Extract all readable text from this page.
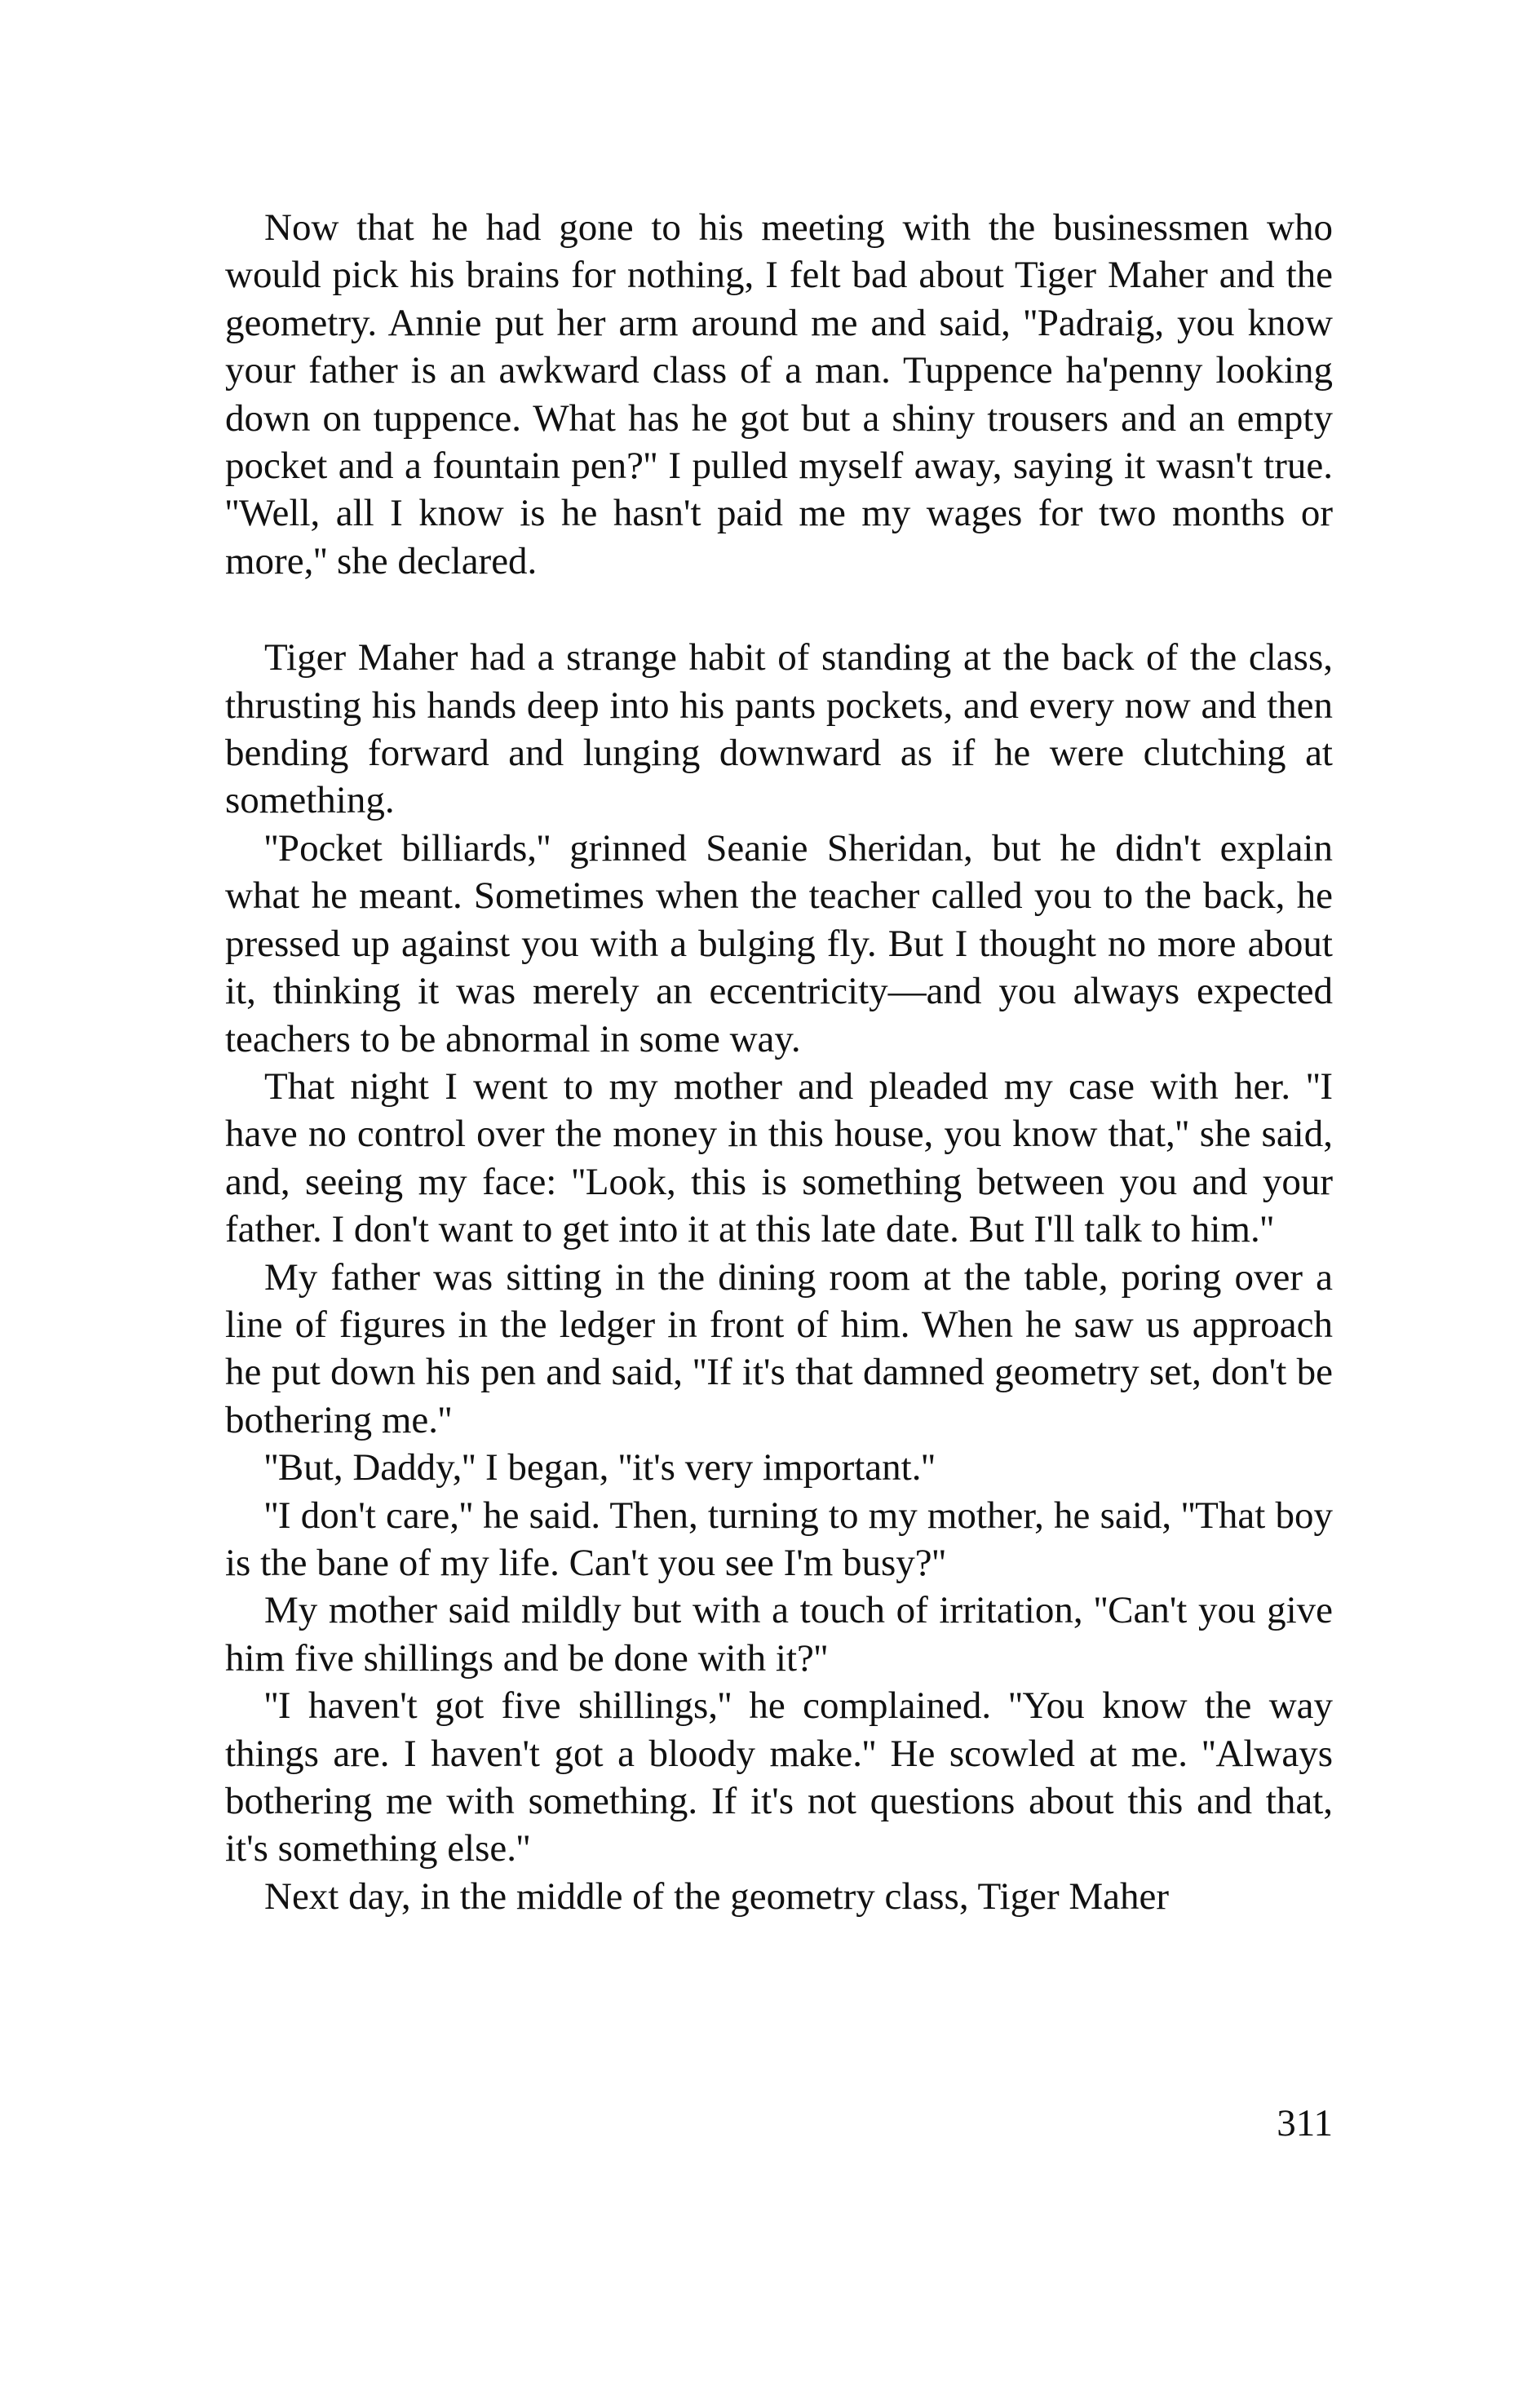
Now that he had gone to his meeting with the businessmen who would pick his brains for nothing, I felt bad about Tiger Maher and the geometry. Annie put her arm around me and said, ''Padraig, you know your father is an awkward class of a man. Tuppence ha'penny looking down on tuppence. What has he got but a shiny trousers and an empty pocket and a fountain pen?'' I pulled myself away, saying it wasn't true. ''Well, all I know is he hasn't paid me my wages for two months or more,'' she declared.

Tiger Maher had a strange habit of standing at the back of the class, thrusting his hands deep into his pants pockets, and every now and then bending forward and lunging downward as if he were clutching at something.

''Pocket billiards,'' grinned Seanie Sheridan, but he didn't explain what he meant. Sometimes when the teacher called you to the back, he pressed up against you with a bulging fly. But I thought no more about it, thinking it was merely an eccentricity—and you always expected teachers to be abnormal in some way.

That night I went to my mother and pleaded my case with her. ''I have no control over the money in this house, you know that,'' she said, and, seeing my face: ''Look, this is something between you and your father. I don't want to get into it at this late date. But I'll talk to him.''

My father was sitting in the dining room at the table, poring over a line of figures in the ledger in front of him. When he saw us approach he put down his pen and said, ''If it's that damned geometry set, don't be bothering me.''

''But, Daddy,'' I began, ''it's very important.''

''I don't care,'' he said. Then, turning to my mother, he said, ''That boy is the bane of my life. Can't you see I'm busy?''

My mother said mildly but with a touch of irritation, ''Can't you give him five shillings and be done with it?''

''I haven't got five shillings,'' he complained. ''You know the way things are. I haven't got a bloody make.'' He scowled at me. ''Always bothering me with something. If it's not questions about this and that, it's something else.''

Next day, in the middle of the geometry class, Tiger Maher

311
